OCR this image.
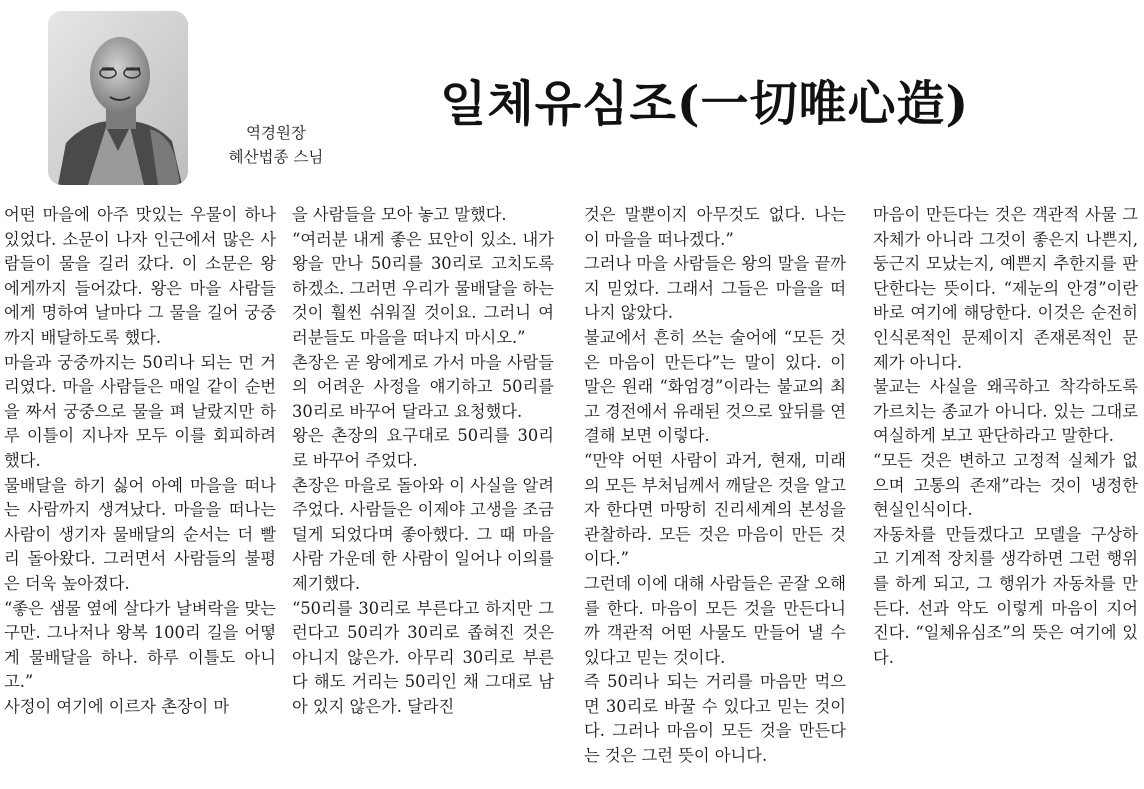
역경원장
혜산법종 스님
일체유심조(一切唯心造)

어떤 마을에 아주 맛있는 우물이 하나 있었다. 소문이 나자 인근에서 많은 사람들이 물을 길러 갔다. 이 소문은 왕에게까지 들어갔다. 왕은 마을 사람들에게 명하여 날마다 그 물을 길어 궁중까지 배달하도록 했다.

마을과 궁중까지는 50리나 되는 먼 거리였다. 마을 사람들은 매일 같이 순번을 짜서 궁중으로 물을 펴 날랐지만 하루 이틀이 지나자 모두 이를 회피하려 했다.

물배달을 하기 싫어 아예 마을을 떠나는 사람까지 생겨났다. 마을을 떠나는 사람이 생기자 물배달의 순서는 더 빨리 돌아왔다. 그러면서 사람들의 불평은 더욱 높아졌다.

“좋은 샘물 옆에 살다가 날벼락을 맞는구만. 그나저나 왕복 100리 길을 어떻게 물배달을 하나. 하루 이틀도 아니고.”

사정이 여기에 이르자 촌장이 마

을 사람들을 모아 놓고 말했다.

“여러분 내게 좋은 묘안이 있소. 내가 왕을 만나 50리를 30리로 고치도록 하겠소. 그러면 우리가 물배달을 하는 것이 훨씬 쉬워질 것이요. 그러니 여러분들도 마을을 떠나지 마시오.”

촌장은 곧 왕에게로 가서 마을 사람들의 어려운 사정을 얘기하고 50리를 30리로 바꾸어 달라고 요청했다.

왕은 촌장의 요구대로 50리를 30리로 바꾸어 주었다.

촌장은 마을로 돌아와 이 사실을 알려 주었다. 사람들은 이제야 고생을 조금 덜게 되었다며 좋아했다. 그 때 마을 사람 가운데 한 사람이 일어나 이의를 제기했다.

“50리를 30리로 부른다고 하지만 그런다고 50리가 30리로 좁혀진 것은 아니지 않은가. 아무리 30리로 부른다 해도 거리는 50리인 채 그대로 남아 있지 않은가. 달라진

것은 말뿐이지 아무것도 없다. 나는 이 마을을 떠나겠다.”

그러나 마을 사람들은 왕의 말을 끝까지 믿었다. 그래서 그들은 마을을 떠나지 않았다.

불교에서 흔히 쓰는 술어에 “모든 것은 마음이 만든다”는 말이 있다. 이 말은 원래 “화엄경”이라는 불교의 최고 경전에서 유래된 것으로 앞뒤를 연결해 보면 이렇다.

“만약 어떤 사람이 과거, 현재, 미래의 모든 부처님께서 깨달은 것을 알고자 한다면 마땅히 진리세계의 본성을 관찰하라. 모든 것은 마음이 만든 것이다.”

그런데 이에 대해 사람들은 곧잘 오해를 한다. 마음이 모든 것을 만든다니까 객관적 어떤 사물도 만들어 낼 수 있다고 믿는 것이다.

즉 50리나 되는 거리를 마음만 먹으면 30리로 바꿀 수 있다고 믿는 것이다. 그러나 마음이 모든 것을 만든다는 것은 그런 뜻이 아니다.

마음이 만든다는 것은 객관적 사물 그 자체가 아니라 그것이 좋은지 나쁜지, 둥근지 모났는지, 예쁜지 추한지를 판단한다는 뜻이다. “제눈의 안경”이란 바로 여기에 해당한다. 이것은 순전히 인식론적인 문제이지 존재론적인 문제가 아니다.

불교는 사실을 왜곡하고 착각하도록 가르치는 종교가 아니다. 있는 그대로 여실하게 보고 판단하라고 말한다.

“모든 것은 변하고 고정적 실체가 없으며 고통의 존재”라는 것이 냉정한 현실인식이다.

자동차를 만들겠다고 모델을 구상하고 기계적 장치를 생각하면 그런 행위를 하게 되고, 그 행위가 자동차를 만든다. 선과 악도 이렇게 마음이 지어진다. “일체유심조”의 뜻은 여기에 있다.
